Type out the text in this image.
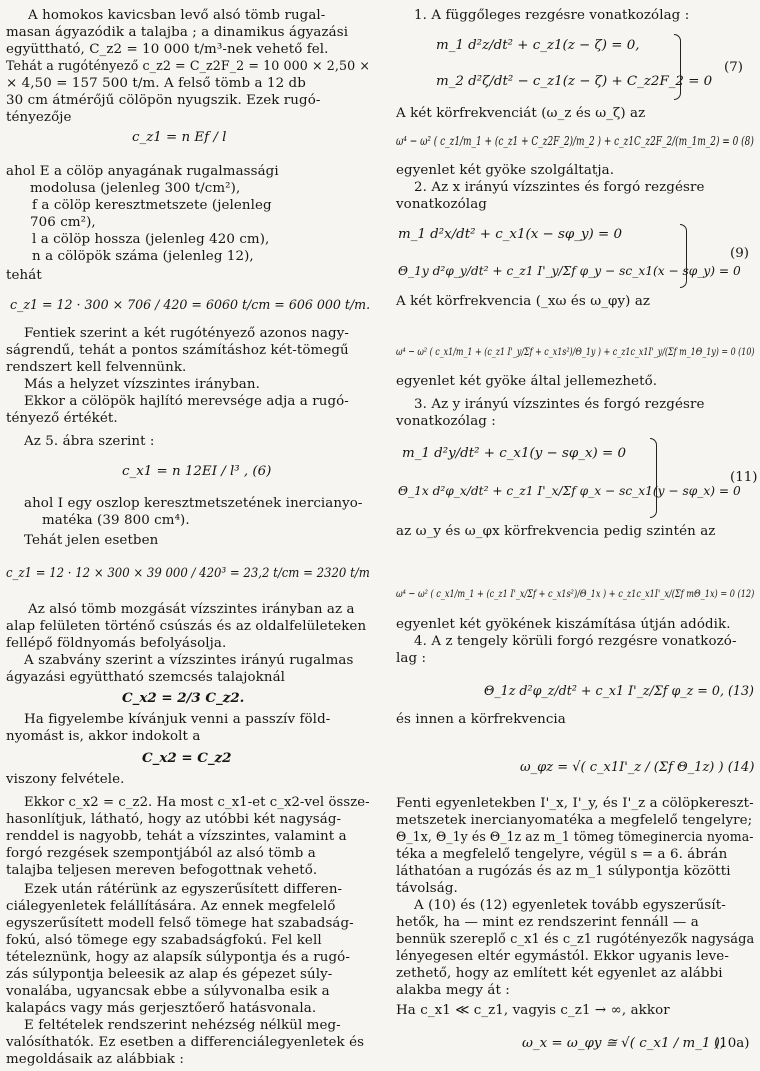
A homokos kavicsban levő alsó tömb rugal-
masan ágyazódik a talajba ; a dinamikus ágyazási
együttható, C_z2 = 10 000 t/m³-nek vehető fel.
Tehát a rugótényező c_z2 = C_z2F_2 = 10 000 × 2,50 ×
× 4,50 = 157 500 t/m. A felső tömb a 12 db
30 cm átmérőjű cölöpön nyugszik. Ezek rugó-
tényezője
c_z1 = n Ef / l
ahol E a cölöp anyagának rugalmassági
modolusa (jelenleg 300 t/cm²),
f a cölöp keresztmetszete (jelenleg
706 cm²),
l a cölöp hossza (jelenleg 420 cm),
n a cölöpök száma (jelenleg 12),
tehát
c_z1 = 12 · 300 × 706 / 420 = 6060 t/cm = 606 000 t/m.
Fentiek szerint a két rugótényező azonos nagy-
ságrendű, tehát a pontos számításhoz két-tömegű
rendszert kell felvennünk.
Más a helyzet vízszintes irányban.
Ekkor a cölöpök hajlító merevsége adja a rugó-
tényező értékét.
Az 5. ábra szerint :
c_x1 = n 12EI / l³ , (6)
ahol I egy oszlop keresztmetszetének inercianyo-
matéka (39 800 cm⁴).
Tehát jelen esetben
c_z1 = 12 · 12 × 300 × 39 000 / 420³ = 23,2 t/cm = 2320 t/m
Az alsó tömb mozgását vízszintes irányban az a
alap felületen történő csúszás és az oldalfelületeken
fellépő földnyomás befolyásolja.
A szabvány szerint a vízszintes irányú rugalmas
ágyazási együttható szemcsés talajoknál
C_x2 = 2/3 C_z2.
Ha figyelembe kívánjuk venni a passzív föld-
nyomást is, akkor indokolt a
C_x2 = C_z2
viszony felvétele.
Ekkor c_x2 = c_z2. Ha most c_x1-et c_x2-vel össze-
hasonlítjuk, látható, hogy az utóbbi két nagyság-
renddel is nagyobb, tehát a vízszintes, valamint a
forgó rezgések szempontjából az alsó tömb a
talajba teljesen mereven befogottnak vehető.
Ezek után rátérünk az egyszerűsített differen-
ciálegyenletek felállítására. Az ennek megfelelő
egyszerűsített modell felső tömege hat szabadság-
fokú, alsó tömege egy szabadságfokú. Fel kell
tételeznünk, hogy az alapsík súlypontja és a rugó-
zás súlypontja beleesik az alap és gépezet súly-
vonalába, ugyancsak ebbe a súlyvonalba esik a
kalapács vagy más gerjesztőerő hatásvonala.
E feltételek rendszerint nehézség nélkül meg-
valósíthatók. Ez esetben a differenciálegyenletek és
megoldásaik az alábbiak :
1. A függőleges rezgésre vonatkozólag :
m_1 d²z/dt² + c_z1(z − ζ) = 0,
m_2 d²ζ/dt² − c_z1(z − ζ) + C_z2F_2 = 0
(7)
A két körfrekvenciát (ω_z és ω_ζ) az
ω⁴ − ω² ( c_z1/m_1 + (c_z1 + C_z2F_2)/m_2 ) + c_z1C_z2F_2/(m_1m_2) = 0 (8)
egyenlet két gyöke szolgáltatja.
2. Az x irányú vízszintes és forgó rezgésre
vonatkozólag
m_1 d²x/dt² + c_x1(x − sφ_y) = 0
Θ_1y d²φ_y/dt² + c_z1 I'_y/Σf φ_y − sc_x1(x − sφ_y) = 0
(9)
A két körfrekvencia (_xω és ω_φy) az
ω⁴ − ω² ( c_x1/m_1 + (c_z1 I'_y/Σf + c_x1s²)/Θ_1y ) + c_z1c_x1I'_y/(Σf m_1Θ_1y) = 0 (10)
egyenlet két gyöke által jellemezhető.
3. Az y irányú vízszintes és forgó rezgésre
vonatkozólag :
m_1 d²y/dt² + c_x1(y − sφ_x) = 0
Θ_1x d²φ_x/dt² + c_z1 I'_x/Σf φ_x − sc_x1(y − sφ_x) = 0
(11)
az ω_y és ω_φx körfrekvencia pedig szintén az
ω⁴ − ω² ( c_x1/m_1 + (c_z1 I'_x/Σf + c_x1s²)/Θ_1x ) + c_z1c_x1I'_x/(Σf mΘ_1x) = 0 (12)
egyenlet két gyökének kiszámítása útján adódik.
4. A z tengely körüli forgó rezgésre vonatkozó-
lag :
Θ_1z d²φ_z/dt² + c_x1 I'_z/Σf φ_z = 0, (13)
és innen a körfrekvencia
ω_φz = √( c_x1I'_z / (Σf Θ_1z) ) (14)
Fenti egyenletekben I'_x, I'_y, és I'_z a cölöpkereszt-
metszetek inercianyomatéka a megfelelő tengelyre;
Θ_1x, Θ_1y és Θ_1z az m_1 tömeg tömeginercia nyoma-
téka a megfelelő tengelyre, végül s = a 6. ábrán
láthatóan a rugózás és az m_1 súlypontja közötti
távolság.
A (10) és (12) egyenletek tovább egyszerűsít-
hetők, ha — mint ez rendszerint fennáll — a
bennük szereplő c_x1 és c_z1 rugótényezők nagysága
lényegesen eltér egymástól. Ekkor ugyanis leve-
zethető, hogy az említett két egyenlet az alábbi
alakba megy át :
Ha c_x1 ≪ c_z1, vagyis c_z1 → ∞, akkor
ω_x = ω_φy ≅ √( c_x1 / m_1 ),
(10a)
